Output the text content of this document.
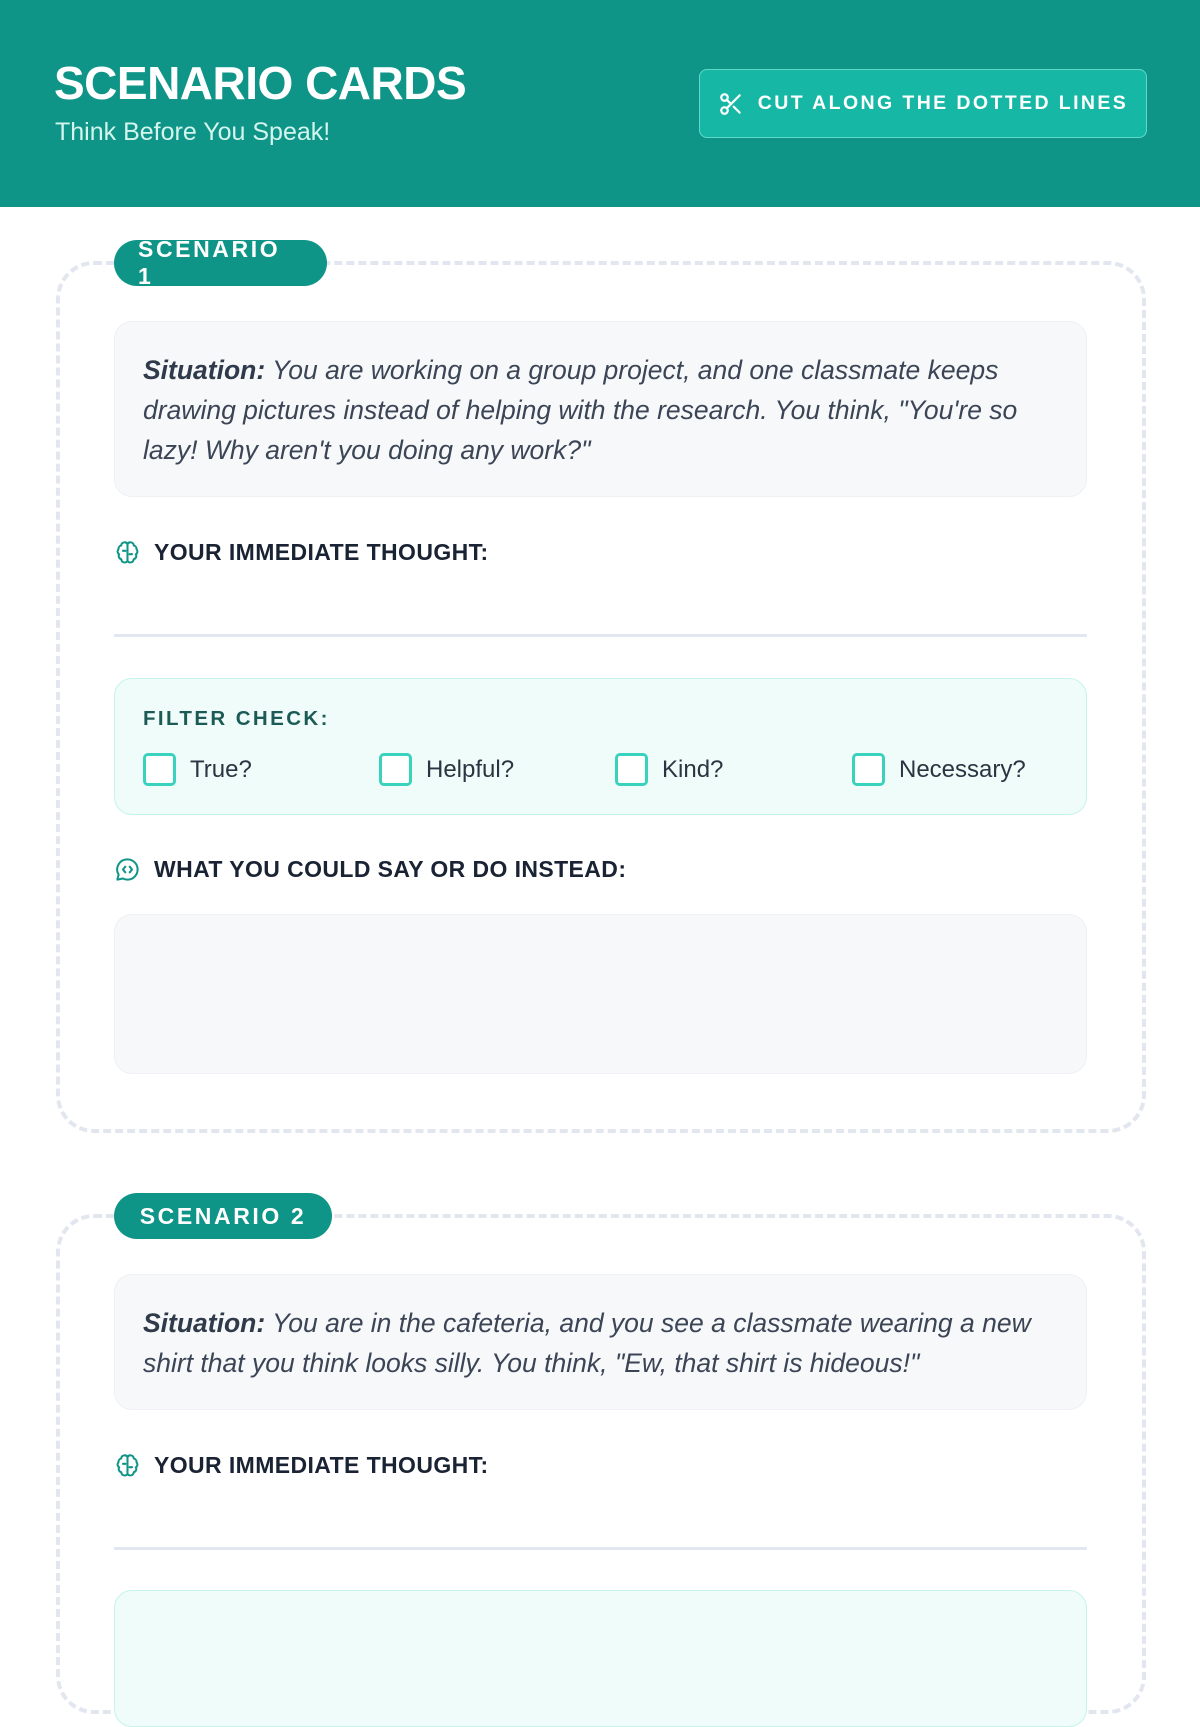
SCENARIO CARDS
Think Before You Speak!
CUT ALONG THE DOTTED LINES
SCENARIO 1
Situation: You are working on a group project, and one classmate keeps drawing pictures instead of helping with the research. You think, "You're so lazy! Why aren't you doing any work?"
YOUR IMMEDIATE THOUGHT:
FILTER CHECK:
True?	Helpful?	Kind?	Necessary?
WHAT YOU COULD SAY OR DO INSTEAD:
SCENARIO 2
Situation: You are in the cafeteria, and you see a classmate wearing a new shirt that you think looks silly. You think, "Ew, that shirt is hideous!"
YOUR IMMEDIATE THOUGHT:
